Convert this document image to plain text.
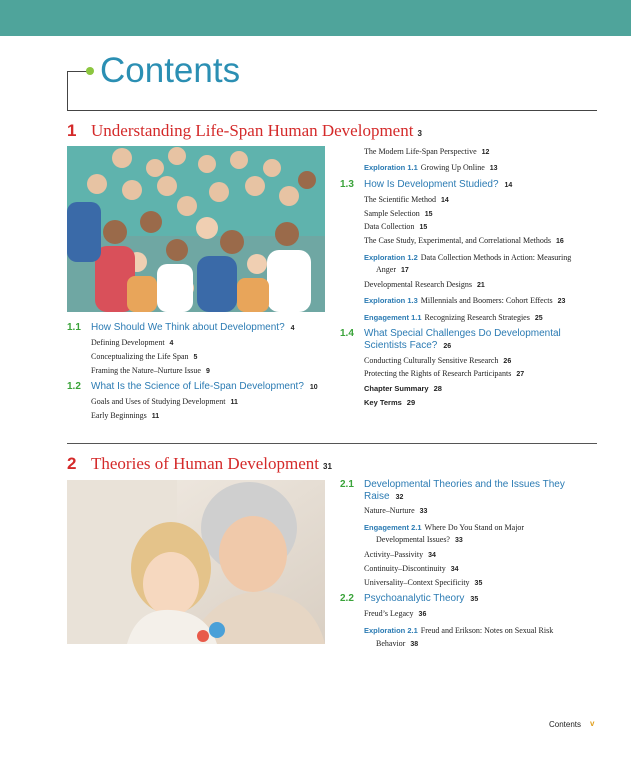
Contents
1 Understanding Life-Span Human Development 3
1.1 How Should We Think about Development? 4
Defining Development 4
Conceptualizing the Life Span 5
Framing the Nature–Nurture Issue 9
1.2 What Is the Science of Life-Span Development? 10
Goals and Uses of Studying Development 11
Early Beginnings 11
The Modern Life-Span Perspective 12
Exploration 1.1 Growing Up Online 13
1.3 How Is Development Studied? 14
The Scientific Method 14
Sample Selection 15
Data Collection 15
The Case Study, Experimental, and Correlational Methods 16
Exploration 1.2 Data Collection Methods in Action: Measuring
Anger 17
Developmental Research Designs 21
Exploration 1.3 Millennials and Boomers: Cohort Effects 23
Engagement 1.1 Recognizing Research Strategies 25
1.4 What Special Challenges Do Developmental
Scientists Face? 26
Conducting Culturally Sensitive Research 26
Protecting the Rights of Research Participants 27
Chapter Summary 28
Key Terms 29
2 Theories of Human Development 31
2.1 Developmental Theories and the Issues They
Raise 32
Nature–Nurture 33
Engagement 2.1 Where Do You Stand on Major
Developmental Issues? 33
Activity–Passivity 34
Continuity–Discontinuity 34
Universality–Context Specificity 35
2.2 Psychoanalytic Theory 35
Freud’s Legacy 36
Exploration 2.1 Freud and Erikson: Notes on Sexual Risk
Behavior 38
Contents v
